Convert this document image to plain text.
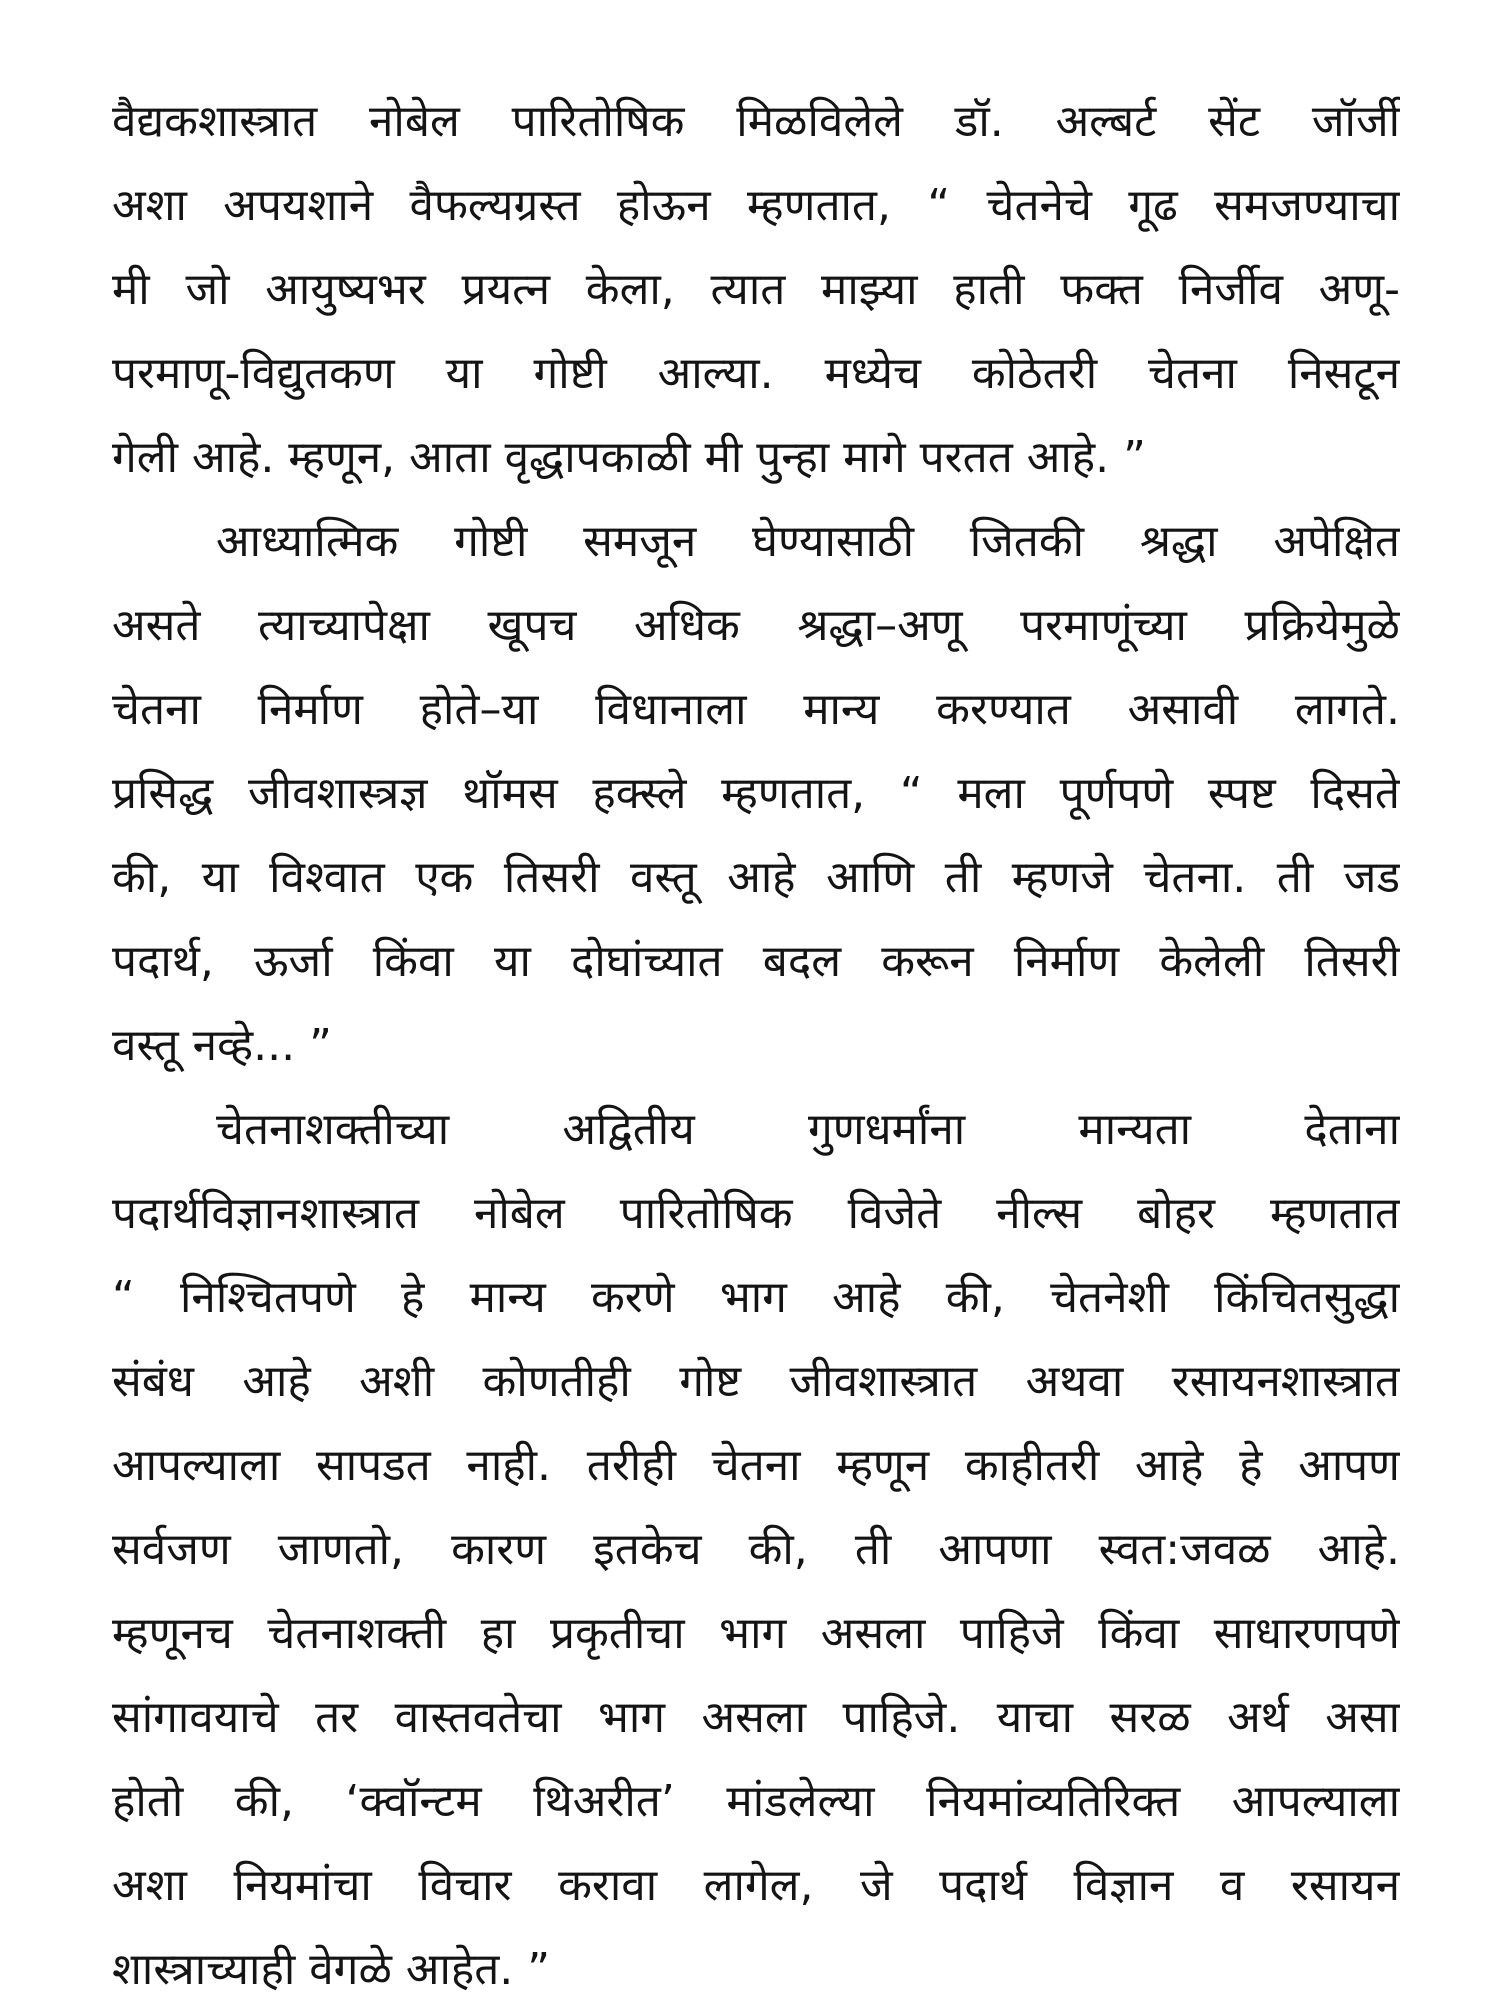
वैद्यकशास्त्रात नोबेल पारितोषिक मिळविलेले डॉ. अल्बर्ट सेंट जॉर्जी
अशा अपयशाने वैफल्यग्रस्त होऊन म्हणतात, “ चेतनेचे गूढ समजण्याचा
मी जो आयुष्यभर प्रयत्न केला, त्यात माझ्या हाती फक्त निर्जीव अणू-
परमाणू-विद्युतकण या गोष्टी आल्या. मध्येच कोठेतरी चेतना निसटून
गेली आहे. म्हणून, आता वृद्धापकाळी मी पुन्हा मागे परतत आहे. ”
आध्यात्मिक गोष्टी समजून घेण्यासाठी जितकी श्रद्धा अपेक्षित
असते त्याच्यापेक्षा खूपच अधिक श्रद्धा–अणू परमाणूंच्या प्रक्रियेमुळे
चेतना निर्माण होते–या विधानाला मान्य करण्यात असावी लागते.
प्रसिद्ध जीवशास्त्रज्ञ थॉमस हक्स्ले म्हणतात, “ मला पूर्णपणे स्पष्ट दिसते
की, या विश्वात एक तिसरी वस्तू आहे आणि ती म्हणजे चेतना. ती जड
पदार्थ, ऊर्जा किंवा या दोघांच्यात बदल करून निर्माण केलेली तिसरी
वस्तू नव्हे... ”
चेतनाशक्तीच्या अद्वितीय गुणधर्मांना मान्यता देताना
पदार्थविज्ञानशास्त्रात नोबेल पारितोषिक विजेते नील्स बोहर म्हणतात
“ निश्चितपणे हे मान्य करणे भाग आहे की, चेतनेशी किंचितसुद्धा
संबंध आहे अशी कोणतीही गोष्ट जीवशास्त्रात अथवा रसायनशास्त्रात
आपल्याला सापडत नाही. तरीही चेतना म्हणून काहीतरी आहे हे आपण
सर्वजण जाणतो, कारण इतकेच की, ती आपणा स्वत:जवळ आहे.
म्हणूनच चेतनाशक्ती हा प्रकृतीचा भाग असला पाहिजे किंवा साधारणपणे
सांगावयाचे तर वास्तवतेचा भाग असला पाहिजे. याचा सरळ अर्थ असा
होतो की, ‘क्वॉन्टम थिअरीत’ मांडलेल्या नियमांव्यतिरिक्त आपल्याला
अशा नियमांचा विचार करावा लागेल, जे पदार्थ विज्ञान व रसायन
शास्त्राच्याही वेगळे आहेत. ”
